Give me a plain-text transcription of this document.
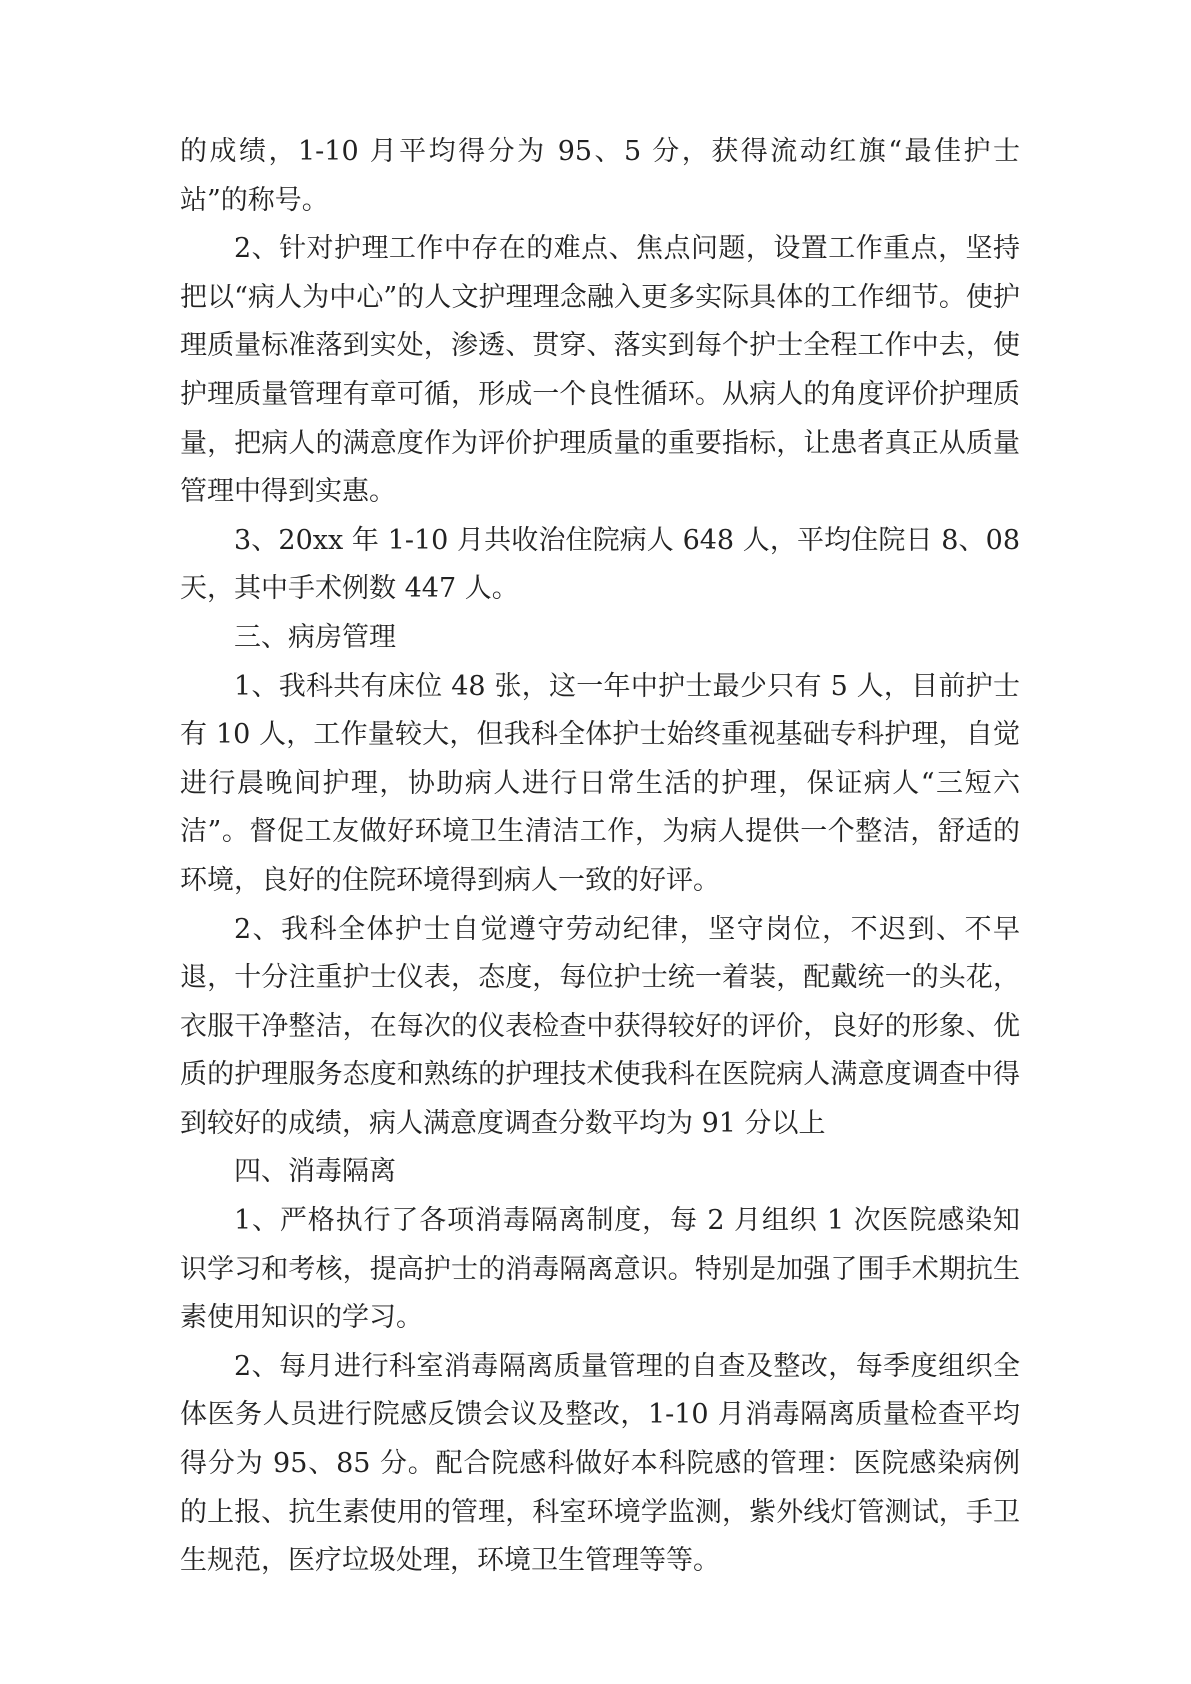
的成绩，1-10 月平均得分为 95、5 分，获得流动红旗“最佳护士站”的称号。

2、针对护理工作中存在的难点、焦点问题，设置工作重点，坚持把以“病人为中心”的人文护理理念融入更多实际具体的工作细节。使护理质量标准落到实处，渗透、贯穿、落实到每个护士全程工作中去，使护理质量管理有章可循，形成一个良性循环。从病人的角度评价护理质量，把病人的满意度作为评价护理质量的重要指标，让患者真正从质量管理中得到实惠。

3、20xx 年 1-10 月共收治住院病人 648 人，平均住院日 8、08 天，其中手术例数 447 人。

三、病房管理

1、我科共有床位 48 张，这一年中护士最少只有 5 人，目前护士有 10 人，工作量较大，但我科全体护士始终重视基础专科护理，自觉进行晨晚间护理，协助病人进行日常生活的护理，保证病人“三短六洁”。督促工友做好环境卫生清洁工作，为病人提供一个整洁，舒适的环境，良好的住院环境得到病人一致的好评。

2、我科全体护士自觉遵守劳动纪律，坚守岗位，不迟到、不早退，十分注重护士仪表，态度，每位护士统一着装，配戴统一的头花，衣服干净整洁，在每次的仪表检查中获得较好的评价，良好的形象、优质的护理服务态度和熟练的护理技术使我科在医院病人满意度调查中得到较好的成绩，病人满意度调查分数平均为 91 分以上

四、消毒隔离

1、严格执行了各项消毒隔离制度，每 2 月组织 1 次医院感染知识学习和考核，提高护士的消毒隔离意识。特别是加强了围手术期抗生素使用知识的学习。

2、每月进行科室消毒隔离质量管理的自查及整改，每季度组织全体医务人员进行院感反馈会议及整改，1-10 月消毒隔离质量检查平均得分为 95、85 分。配合院感科做好本科院感的管理：医院感染病例的上报、抗生素使用的管理，科室环境学监测，紫外线灯管测试，手卫生规范，医疗垃圾处理，环境卫生管理等等。
